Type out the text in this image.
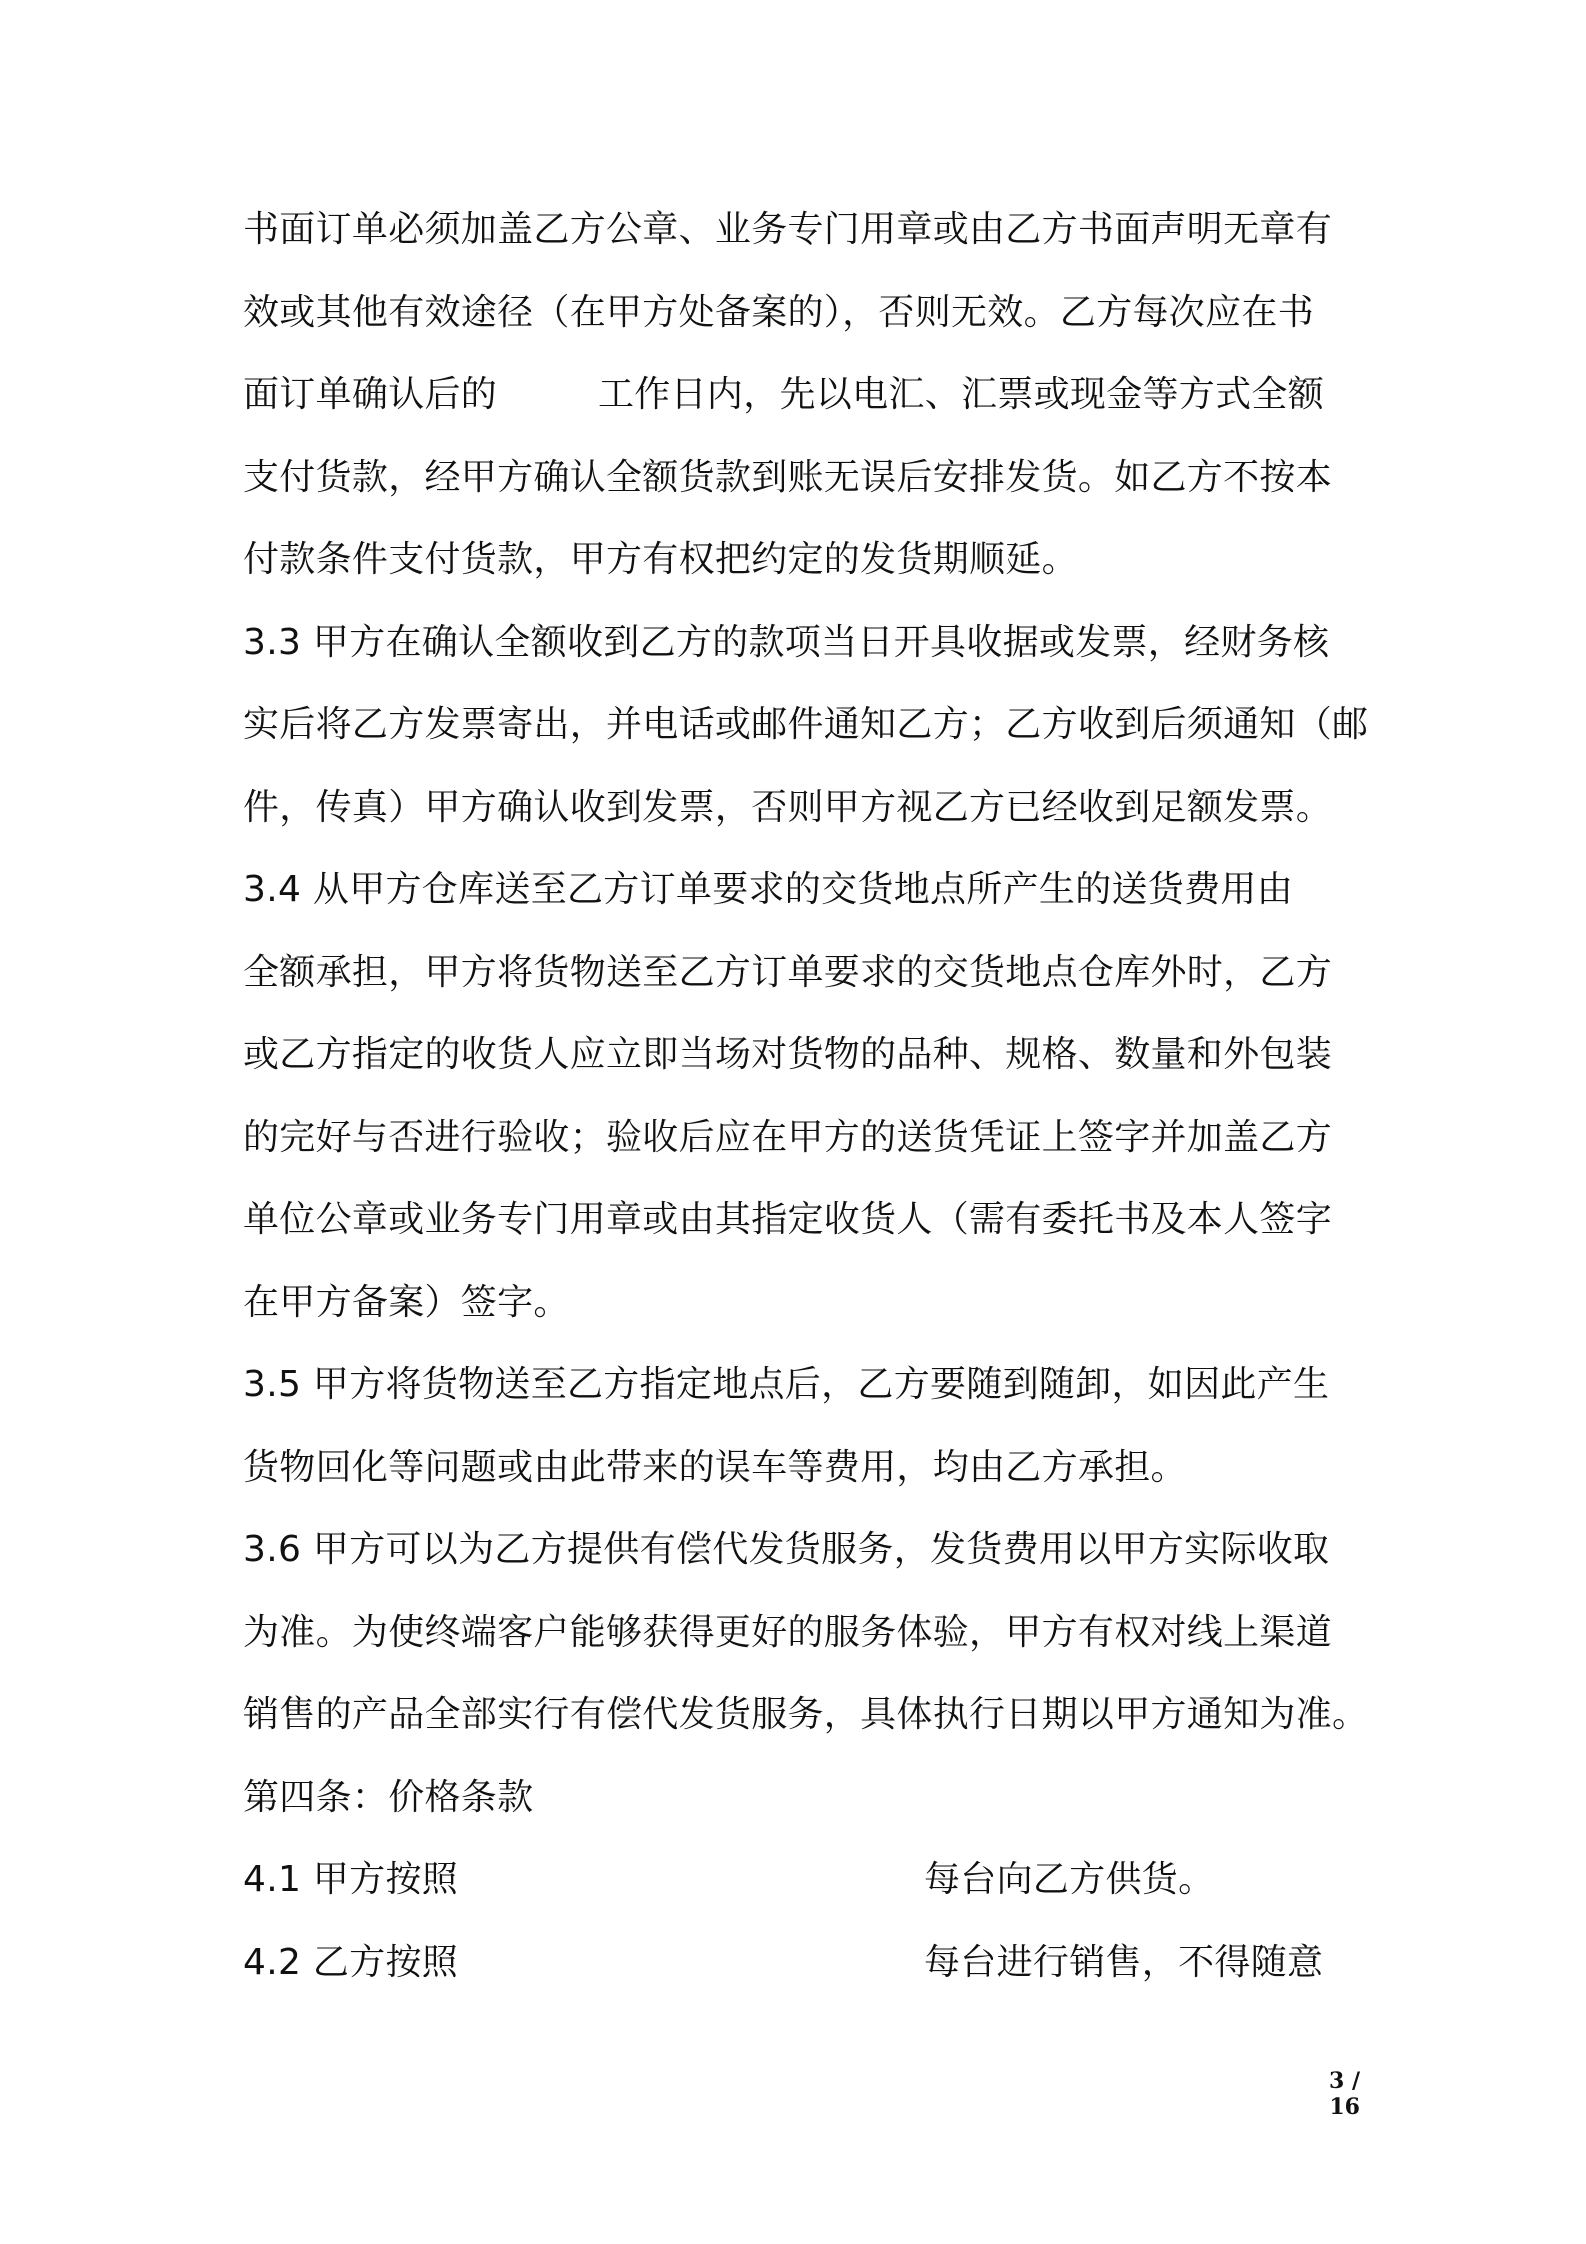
书面订单必须加盖乙方公章、业务专门用章或由乙方书面声明无章有
效或其他有效途径（在甲方处备案的），否则无效。乙方每次应在书

面订单确认后的

	工作日内，先以电汇、汇票或现金等方式全额

支付货款，经甲方确认全额货款到账无误后安排发货。如乙方不按本
付款条件支付货款，甲方有权把约定的发货期顺延。
3.3 甲方在确认全额收到乙方的款项当日开具收据或发票，经财务核
实后将乙方发票寄出，并电话或邮件通知乙方；乙方收到后须通知（邮
件，传真）甲方确认收到发票，否则甲方视乙方已经收到足额发票。
3.4 从甲方仓库送至乙方订单要求的交货地点所产生的送货费用由
全额承担，甲方将货物送至乙方订单要求的交货地点仓库外时，乙方
或乙方指定的收货人应立即当场对货物的品种、规格、数量和外包装
的完好与否进行验收；验收后应在甲方的送货凭证上签字并加盖乙方
单位公章或业务专门用章或由其指定收货人（需有委托书及本人签字
在甲方备案）签字。
3.5 甲方将货物送至乙方指定地点后，乙方要随到随卸，如因此产生
货物回化等问题或由此带来的误车等费用，均由乙方承担。
3.6 甲方可以为乙方提供有偿代发货服务，发货费用以甲方实际收取
为准。为使终端客户能够获得更好的服务体验，甲方有权对线上渠道
销售的产品全部实行有偿代发货服务，具体执行日期以甲方通知为准。
第四条：价格条款

4.1 甲方按照

	每台向乙方供货。

4.2 乙方按照

	每台进行销售，不得随意

3 / 16
